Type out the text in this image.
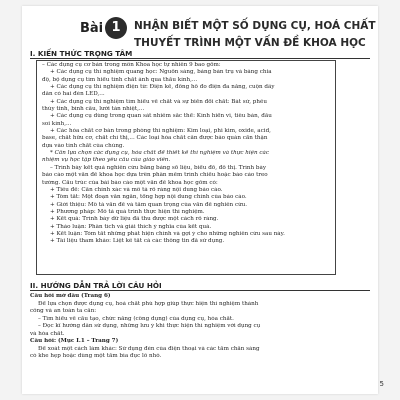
Bài 1	NHẬN BIẾT MỘT SỐ DỤNG CỤ, HOÁ CHẤT
THUYẾT TRÌNH MỘT VẤN ĐỀ KHOA HỌC
I. KIẾN THỨC TRỌNG TÂM
– Các dụng cụ cơ bản trong môn Khoa học tự nhiên 9 bao gồm:
+ Các dụng cụ thí nghiệm quang học: Nguồn sáng, bảng bàn trụ và bảng chia
độ, bộ dụng cụ tìm hiểu tính chất ảnh qua thấu kính,...
+ Các dụng cụ thí nghiệm điện từ: Điện kế, đồng hồ đo điện đa năng, cuộn dây
dẫn có hai đèn LED,...
+ Các dụng cụ thí nghiệm tìm hiểu về chất và sự biến đổi chất: Bát sứ, phễu
thủy tinh, bình cầu, lưới tản nhiệt,...
+ Các dụng cụ dùng trong quan sát nhiễm sắc thể: Kính hiển vi, tiêu bản, đầu
soi kính,...
+ Các hóa chất cơ bản trong phòng thí nghiệm: Kim loại, phi kim, oxide, acid,
base, chất hữu cơ, chất chỉ thị,... Các loại hóa chất cần được bảo quản cẩn thận
dựa vào tính chất của chúng.
* Cần lựa chọn các dụng cụ, hóa chất để thiết kế thí nghiệm và thực hiện các
nhiệm vụ học tập theo yêu cầu của giáo viên.
– Trình bày kết quả nghiên cứu bằng bảng số liệu, biểu đồ, đồ thị. Trình bày
báo cáo một vấn đề khoa học dựa trên phân mềm trình chiếu hoặc báo cáo treo
tường. Cấu trúc của bài báo cáo một vấn đề khoa học gồm có:
+ Tiêu đề: Cần chính xác và mô tả rõ ràng nội dung báo cáo.
+ Tóm tắt: Một đoạn văn ngắn, tổng hợp nội dung chính của báo cáo.
+ Giới thiệu: Mô tả vấn đề và tầm quan trọng của vấn đề nghiên cứu.
+ Phương pháp: Mô tả quá trình thực hiện thí nghiệm.
+ Kết quả: Trình bày dữ liệu đã thu được một cách rõ ràng.
+ Thảo luận: Phân tích và giải thích ý nghĩa của kết quả.
+ Kết luận: Tóm tắt những phát hiện chính và gợi ý cho những nghiên cứu sau này.
+ Tài liệu tham khảo: Liệt kê tất cả các thông tin đã sử dụng.
II. HƯỚNG DẪN TRẢ LỜI CÂU HỎI
Câu hỏi mở đầu (Trang 6)
Để lựa chọn được dụng cụ, hoá chất phù hợp giúp thực hiện thí nghiệm thành
công và an toàn ta cần:
– Tìm hiểu về cấu tạo, chức năng (công dụng) của dụng cụ, hóa chất.
– Đọc kĩ hướng dẫn sử dụng, những lưu ý khi thực hiện thí nghiệm với dụng cụ
và hóa chất.
Câu hỏi: (Mục I.1 – Trang 7)
Để xoát một cách làm khác: Sử dụng đèn của điện thoại và các tấm chắn sáng
có khe hẹp hoặc dùng một tấm bìa đục lỗ nhỏ.
5
